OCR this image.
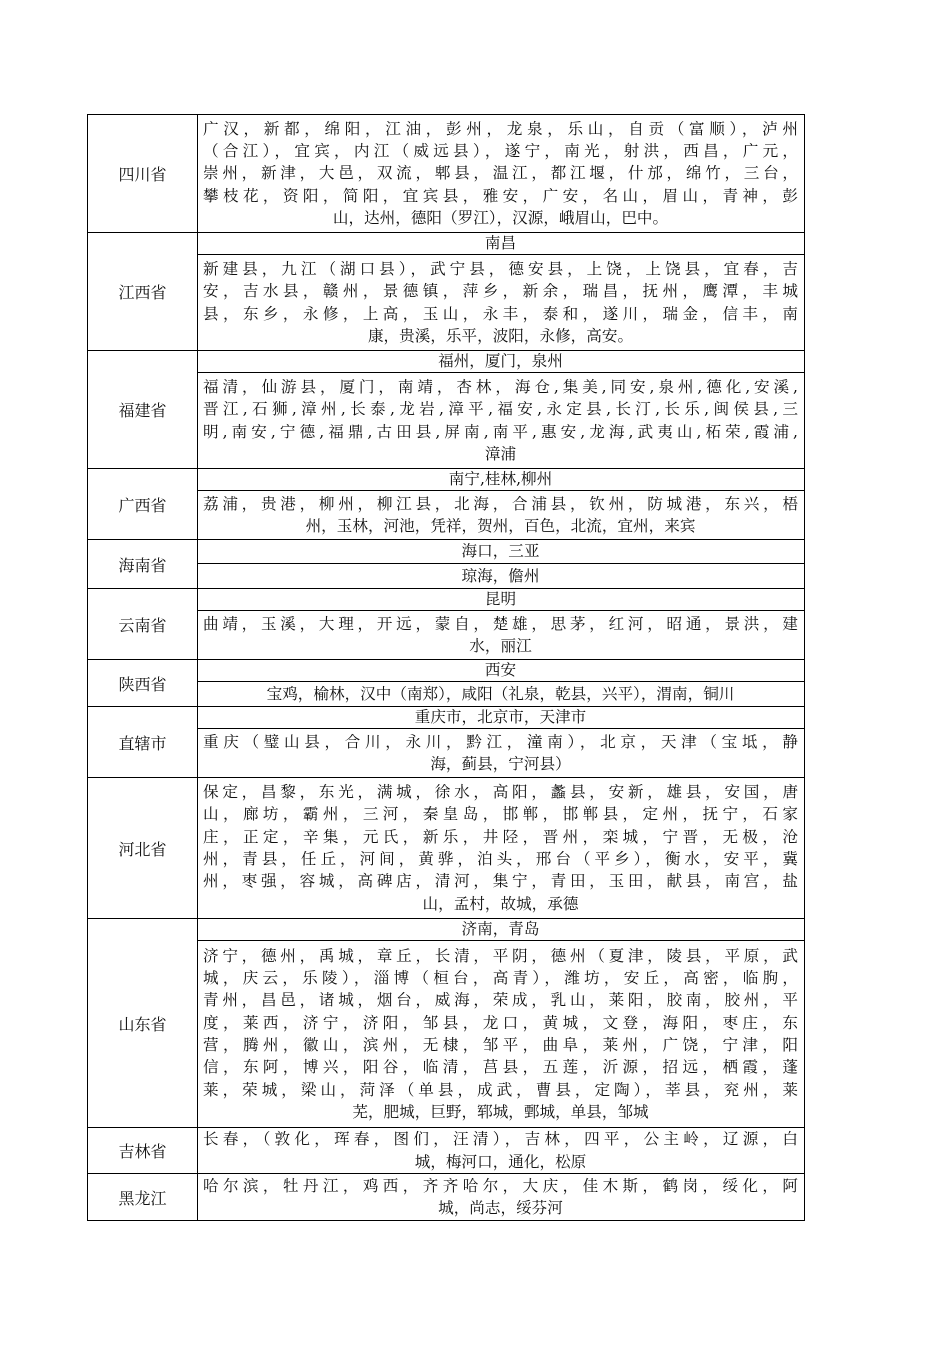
四川省
广汉，新都，绵阳，江油，彭州，龙泉，乐山，自贡（富顺），泸州
（合江），宜宾，内江（威远县），遂宁，南光，射洪，西昌，广元，
崇州，新津，大邑，双流，郫县，温江，都江堰，什邡，绵竹，三台，
攀枝花，资阳，简阳，宜宾县，雅安，广安，名山，眉山，青神，彭
山，达州，德阳（罗江），汉源，峨眉山，巴中。
江西省
南昌
新建县，九江（湖口县），武宁县，德安县，上饶，上饶县，宜春，吉
安，吉水县，赣州，景德镇，萍乡，新余，瑞昌，抚州，鹰潭，丰城
县，东乡，永修，上高，玉山，永丰，泰和，遂川，瑞金，信丰，南
康，贵溪，乐平，波阳，永修，高安。
福建省
福州，厦门，泉州
福清，仙游县，厦门，南靖，杏林，海仓,集美,同安,泉州,德化,安溪,
晋江,石狮,漳州,长泰,龙岩,漳平,福安,永定县,长汀,长乐,闽侯县,三
明,南安,宁德,福鼎,古田县,屏南,南平,惠安,龙海,武夷山,柘荣,霞浦,
漳浦
广西省
南宁,桂林,柳州
荔浦，贵港，柳州，柳江县，北海，合浦县，钦州，防城港，东兴，梧
州，玉林，河池，凭祥，贺州，百色，北流，宜州，来宾
海南省
海口，三亚
琼海，儋州
云南省
昆明
曲靖，玉溪，大理，开远，蒙自，楚雄，思茅，红河，昭通，景洪，建
水，丽江
陕西省
西安
宝鸡，榆林，汉中（南郑），咸阳（礼泉，乾县，兴平），渭南，铜川
直辖市
重庆市，北京市，天津市
重庆（璧山县，合川，永川，黔江，潼南），北京，天津（宝坻，静
海，蓟县，宁河县）
河北省
保定，昌黎，东光，满城，徐水，高阳，蠡县，安新，雄县，安国，唐
山，廊坊，霸州，三河，秦皇岛，邯郸，邯郸县，定州，抚宁，石家
庄，正定，辛集，元氏，新乐，井陉，晋州，栾城，宁晋，无极，沧
州，青县，任丘，河间，黄骅，泊头，邢台（平乡），衡水，安平，冀
州，枣强，容城，高碑店，清河，集宁，青田，玉田，献县，南宫，盐
山，孟村，故城，承德
山东省
济南，青岛
济宁，德州，禹城，章丘，长清，平阴，德州（夏津，陵县，平原，武
城，庆云，乐陵），淄博（桓台，高青），潍坊，安丘，高密，临朐，
青州，昌邑，诸城，烟台，威海，荣成，乳山，莱阳，胶南，胶州，平
度，莱西，济宁，济阳，邹县，龙口，黄城，文登，海阳，枣庄，东
营，腾州，徽山，滨州，无棣，邹平，曲阜，莱州，广饶，宁津，阳
信，东阿，博兴，阳谷，临清，莒县，五莲，沂源，招远，栖霞，蓬
莱，荣城，梁山，菏泽（单县，成武，曹县，定陶），莘县，兖州，莱
芜，肥城，巨野，郓城，鄄城，单县，邹城
吉林省
长春，（敦化，珲春，图们，汪清），吉林，四平，公主岭，辽源，白
城，梅河口，通化，松原
黑龙江
哈尔滨，牡丹江，鸡西，齐齐哈尔，大庆，佳木斯，鹤岗，绥化，阿
城，尚志，绥芬河
